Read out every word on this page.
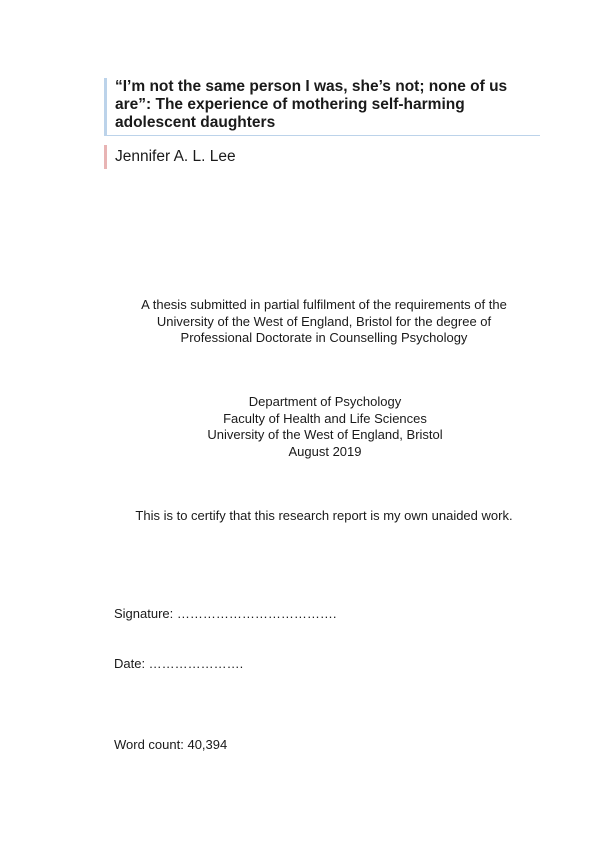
“I’m not the same person I was, she’s not; none of us
are”: The experience of mothering self-harming
adolescent daughters
Jennifer A. L. Lee
A thesis submitted in partial fulfilment of the requirements of the
University of the West of England, Bristol for the degree of
Professional Doctorate in Counselling Psychology
Department of Psychology
Faculty of Health and Life Sciences
University of the West of England, Bristol
August 2019
This is to certify that this research report is my own unaided work.
Signature: ……………………………….
Date: ………………….
Word count: 40,394
